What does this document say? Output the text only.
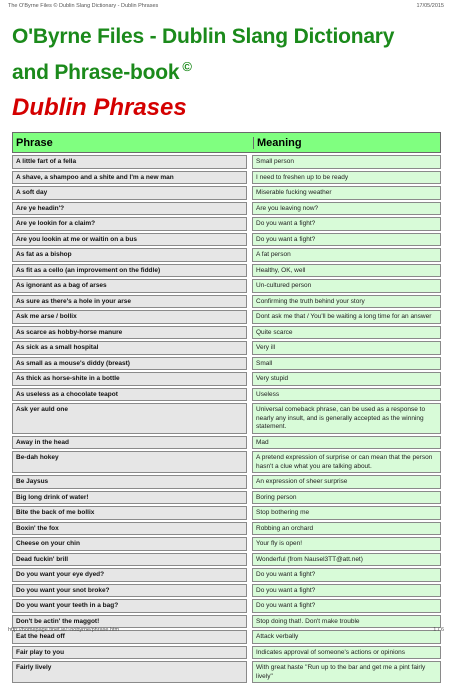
The O'Byrne Files © Dublin Slang Dictionary - Dublin Phrases	17/05/2015
O'Byrne Files - Dublin Slang Dictionary
and Phrase-book ©
Dublin Phrases
Phrase	Meaning
A little fart of a fella	Small person
A shave, a shampoo and a shite and I'm a new man	I need to freshen up to be ready
A soft day	Miserable fucking weather
Are ye headin'?	Are you leaving now?
Are ye lookin for a claim?	Do you want a fight?
Are you lookin at me or waitin on a bus	Do you want a fight?
As fat as a bishop	A fat person
As fit as a cello (an improvement on the fiddle)	Healthy, OK, well
As ignorant as a bag of arses	Un-cultured person
As sure as there's a hole in your arse	Confirming the truth behind your story
Ask me arse / bollix	Dont ask me that / You'll be waiting a long time for an answer
As scarce as hobby-horse manure	Quite scarce
As sick as a small hospital	Very ill
As small as a mouse's diddy (breast)	Small
As thick as horse-shite in a bottle	Very stupid
As useless as a chocolate teapot	Useless
Ask yer auld one	Universal comeback phrase, can be used as a response to nearly any insult, and is generally accepted as the winning statement.
Away in the head	Mad
Be-dah hokey	A pretend expression of surprise or can mean that the person hasn't a clue what you are talking about.
Be Jaysus	An expression of sheer surprise
Big long drink of water!	Boring person
Bite the back of me bollix	Stop bothering me
Boxin' the fox	Robbing an orchard
Cheese on your chin	Your fly is open!
Dead fuckin' brill	Wonderful (from Nausel3TT@att.net)
Do you want your eye dyed?	Do you want a fight?
Do you want your snot broke?	Do you want a fight?
Do you want your teeth in a bag?	Do you want a fight?
Don't be actin' the maggot!	Stop doing that!. Don't make trouble
Eat the head off	Attack verbally
Fair play to you	Indicates approval of someone's actions or opinions
Fairly lively	With great haste "Run up to the bar and get me a pint fairly lively"
http://homepage.tinet.ie/~nobyrne/phrase.htm	1 / 6
